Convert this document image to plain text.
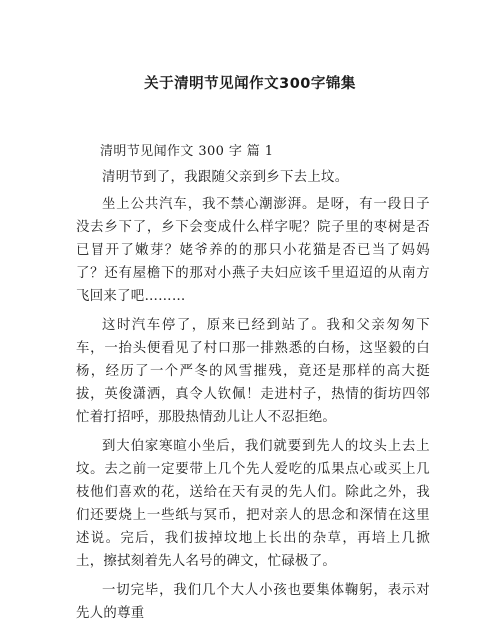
关于清明节见闻作文300字锦集
清明节见闻作文 300 字 篇 1

清明节到了，我跟随父亲到乡下去上坟。

坐上公共汽车，我不禁心潮澎湃。是呀，有一段日子没去乡下了，乡下会变成什么样字呢？院子里的枣树是否已冒开了嫩芽？姥爷养的的那只小花猫是否已当了妈妈了？还有屋檐下的那对小燕子夫妇应该千里迢迢的从南方飞回来了吧………

这时汽车停了，原来已经到站了。我和父亲匆匆下车，一抬头便看见了村口那一排熟悉的白杨，这坚毅的白杨，经历了一个严冬的风雪摧残，竟还是那样的高大挺拔，英俊潇洒，真令人钦佩！走进村子，热情的街坊四邻忙着打招呼，那股热情劲儿让人不忍拒绝。

到大伯家寒暄小坐后，我们就要到先人的坟头上去上坟。去之前一定要带上几个先人爱吃的瓜果点心或买上几枝他们喜欢的花，送给在天有灵的先人们。除此之外，我们还要烧上一些纸与冥币，把对亲人的思念和深情在这里述说。完后，我们拔掉坟地上长出的杂草，再培上几掀土，擦拭刻着先人名号的碑文，忙碌极了。

一切完毕，我们几个大人小孩也要集体鞠躬，表示对先人的尊重
